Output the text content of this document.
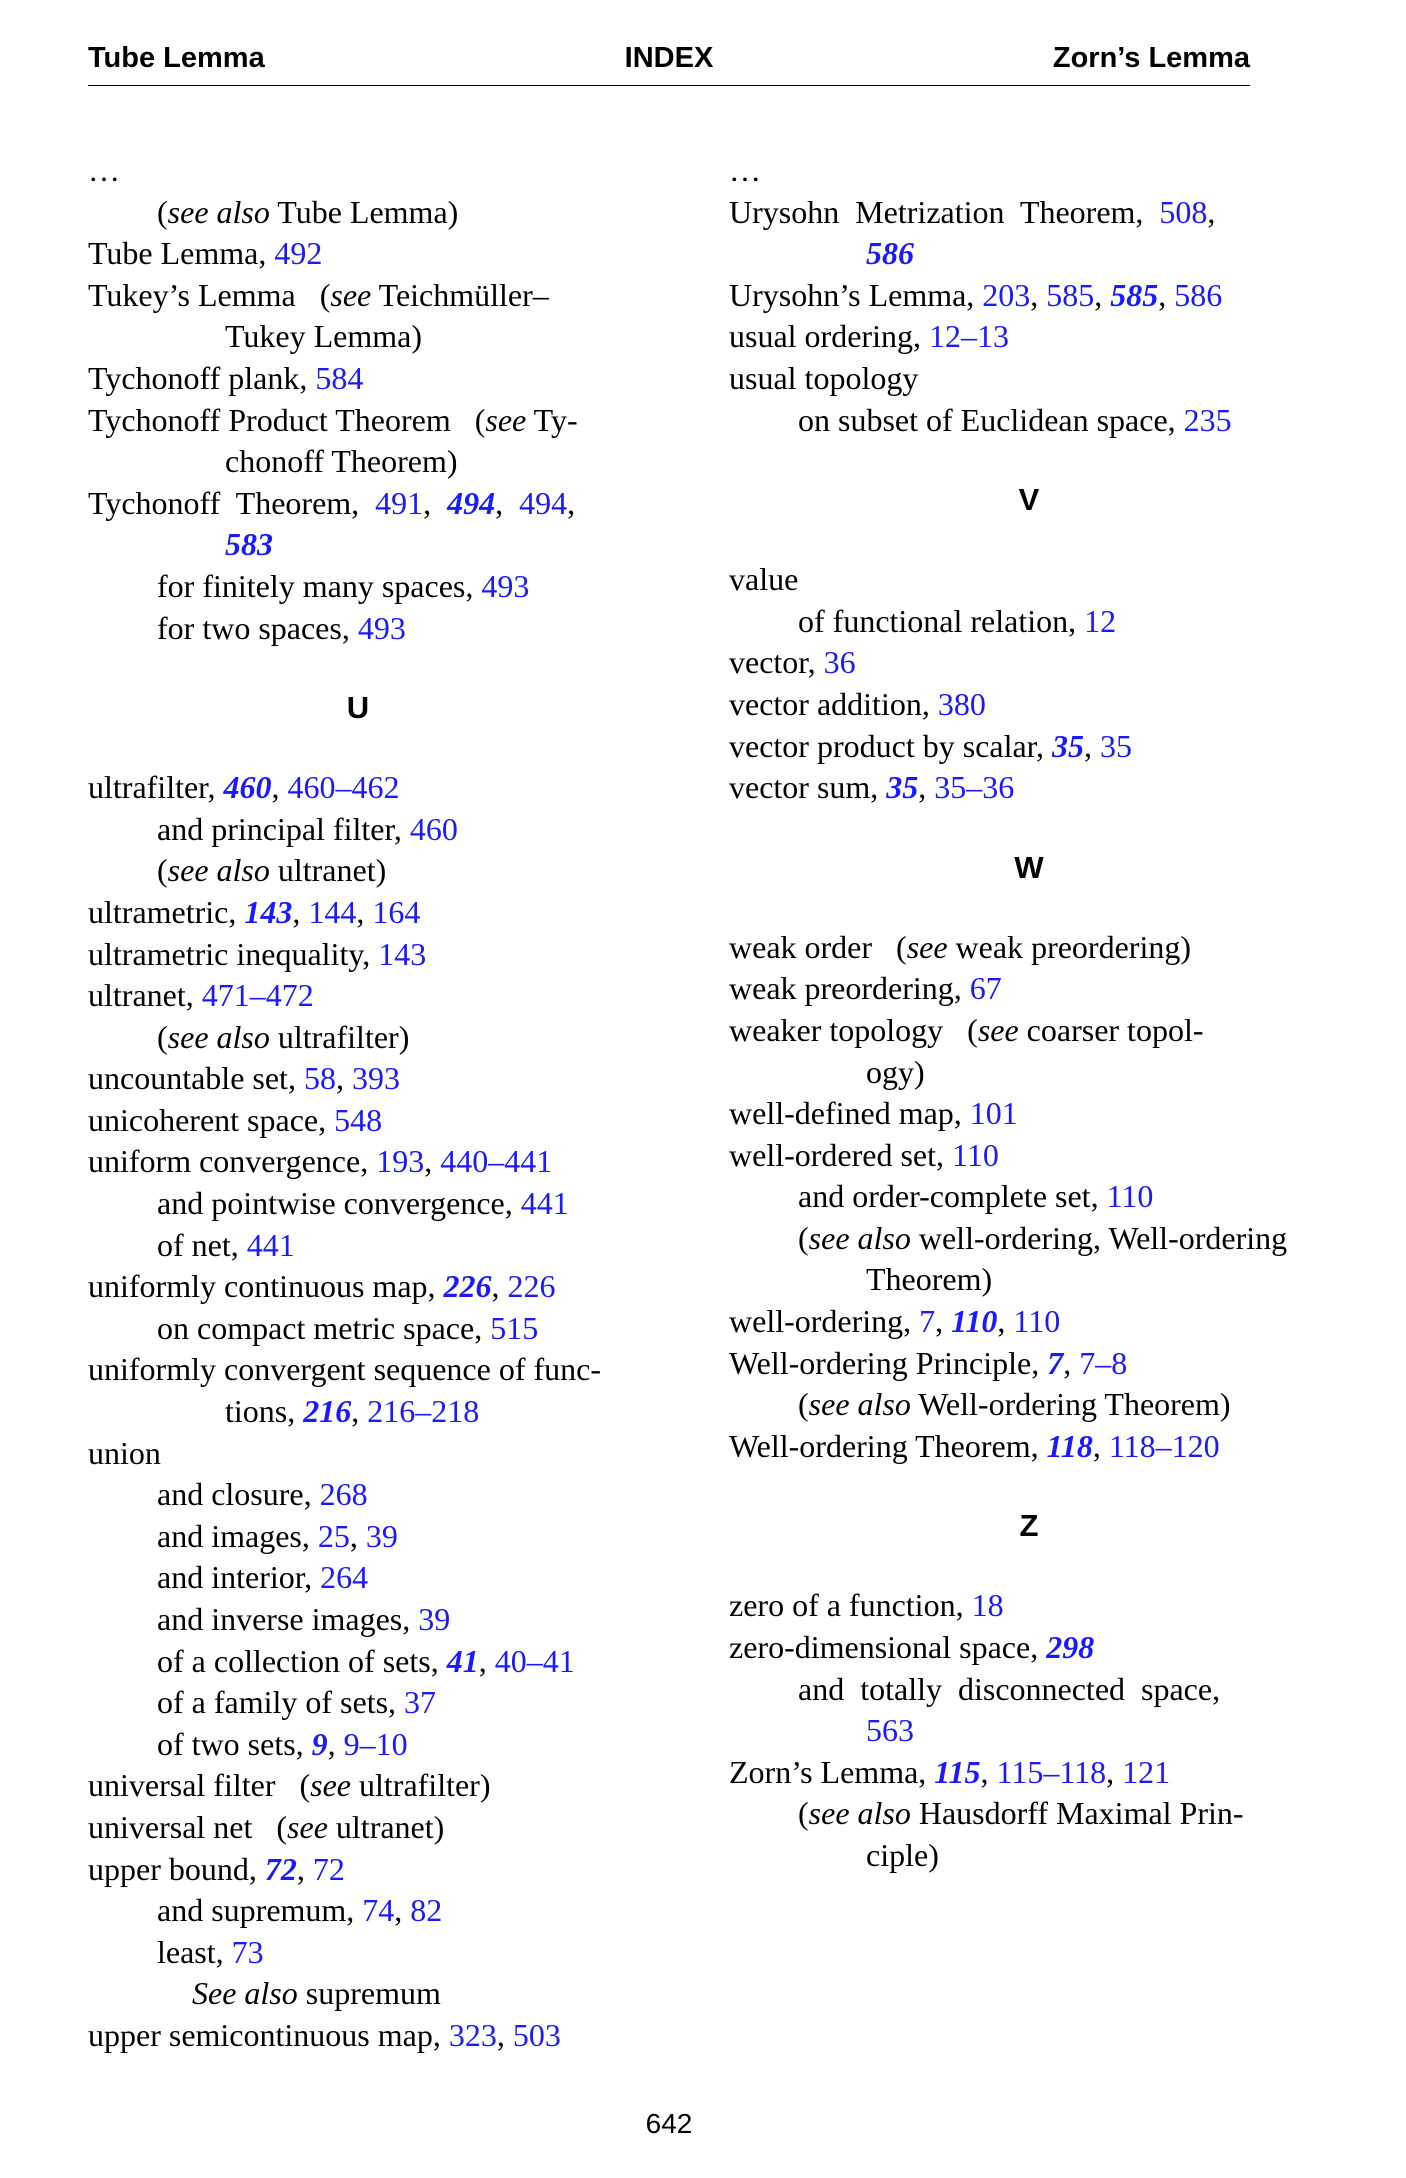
Tube Lemma	INDEX	Zorn’s Lemma
…
(see also Tube Lemma)
Tube Lemma, 492
Tukey’s Lemma   (see Teichmüller–
Tukey Lemma)
Tychonoff plank, 584
Tychonoff Product Theorem   (see Ty-
chonoff Theorem)
Tychonoff  Theorem,  491,  494,  494,
583
for finitely many spaces, 493
for two spaces, 493
U
ultrafilter, 460, 460–462
and principal filter, 460
(see also ultranet)
ultrametric, 143, 144, 164
ultrametric inequality, 143
ultranet, 471–472
(see also ultrafilter)
uncountable set, 58, 393
unicoherent space, 548
uniform convergence, 193, 440–441
and pointwise convergence, 441
of net, 441
uniformly continuous map, 226, 226
on compact metric space, 515
uniformly convergent sequence of func-
tions, 216, 216–218
union
and closure, 268
and images, 25, 39
and interior, 264
and inverse images, 39
of a collection of sets, 41, 40–41
of a family of sets, 37
of two sets, 9, 9–10
universal filter   (see ultrafilter)
universal net   (see ultranet)
upper bound, 72, 72
and supremum, 74, 82
least, 73
See also supremum
upper semicontinuous map, 323, 503
…
Urysohn  Metrization  Theorem,  508,
586
Urysohn’s Lemma, 203, 585, 585, 586
usual ordering, 12–13
usual topology
on subset of Euclidean space, 235
V
value
of functional relation, 12
vector, 36
vector addition, 380
vector product by scalar, 35, 35
vector sum, 35, 35–36
W
weak order   (see weak preordering)
weak preordering, 67
weaker topology   (see coarser topol-
ogy)
well-defined map, 101
well-ordered set, 110
and order-complete set, 110
(see also well-ordering, Well-ordering
Theorem)
well-ordering, 7, 110, 110
Well-ordering Principle, 7, 7–8
(see also Well-ordering Theorem)
Well-ordering Theorem, 118, 118–120
Z
zero of a function, 18
zero-dimensional space, 298
and  totally  disconnected  space,
563
Zorn’s Lemma, 115, 115–118, 121
(see also Hausdorff Maximal Prin-
ciple)
642
